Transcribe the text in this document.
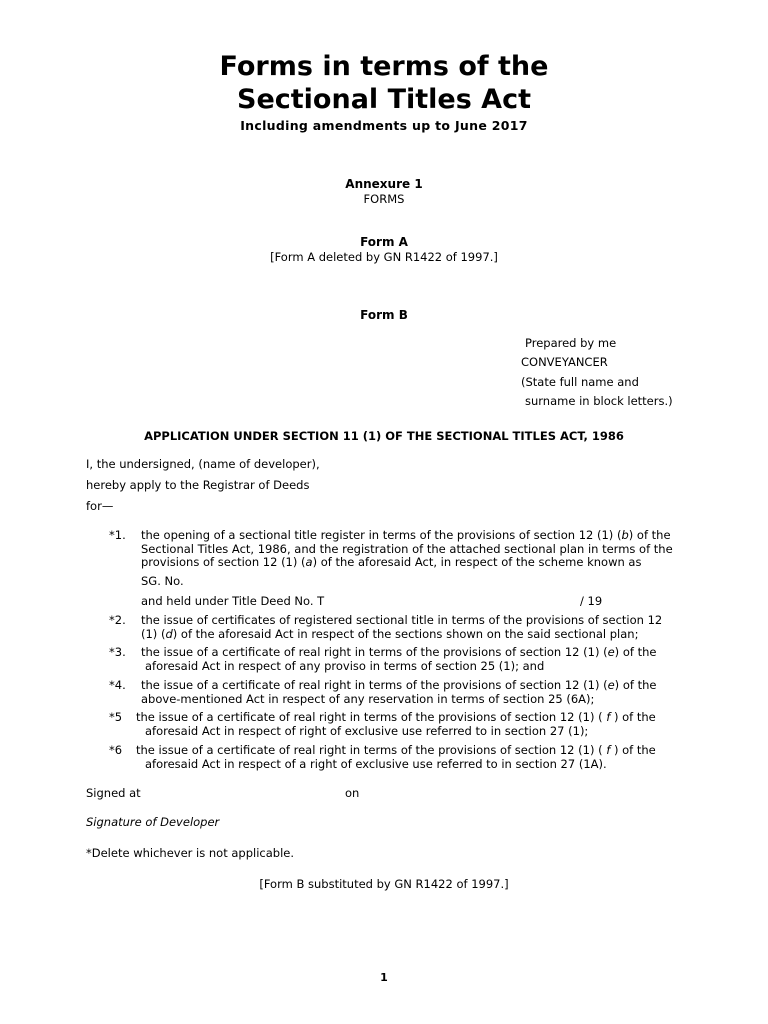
Forms in terms of the
Sectional Titles Act
Including amendments up to June 2017
Annexure 1
FORMS
Form A
[Form A deleted by GN R1422 of 1997.]
Form B
Prepared by me
CONVEYANCER
(State full name and
surname in block letters.)
APPLICATION UNDER SECTION 11 (1) OF THE SECTIONAL TITLES ACT, 1986
I, the undersigned, (name of developer),
hereby apply to the Registrar of Deeds
for—
*1. the opening of a sectional title register in terms of the provisions of section 12 (1) (b) of the
Sectional Titles Act, 1986, and the registration of the attached sectional plan in terms of the
provisions of section 12 (1) (a) of the aforesaid Act, in respect of the scheme known as
SG. No.
and held under Title Deed No. T	/ 19
*2. the issue of certificates of registered sectional title in terms of the provisions of section 12
(1) (d) of the aforesaid Act in respect of the sections shown on the said sectional plan;
*3. the issue of a certificate of real right in terms of the provisions of section 12 (1) (e) of the
aforesaid Act in respect of any proviso in terms of section 25 (1); and
*4. the issue of a certificate of real right in terms of the provisions of section 12 (1) (e) of the
above-mentioned Act in respect of any reservation in terms of section 25 (6A);
*5 the issue of a certificate of real right in terms of the provisions of section 12 (1) ( f ) of the
aforesaid Act in respect of right of exclusive use referred to in section 27 (1);
*6 the issue of a certificate of real right in terms of the provisions of section 12 (1) ( f ) of the
aforesaid Act in respect of a right of exclusive use referred to in section 27 (1A).
Signed at	on
Signature of Developer
*Delete whichever is not applicable.
[Form B substituted by GN R1422 of 1997.]
1
